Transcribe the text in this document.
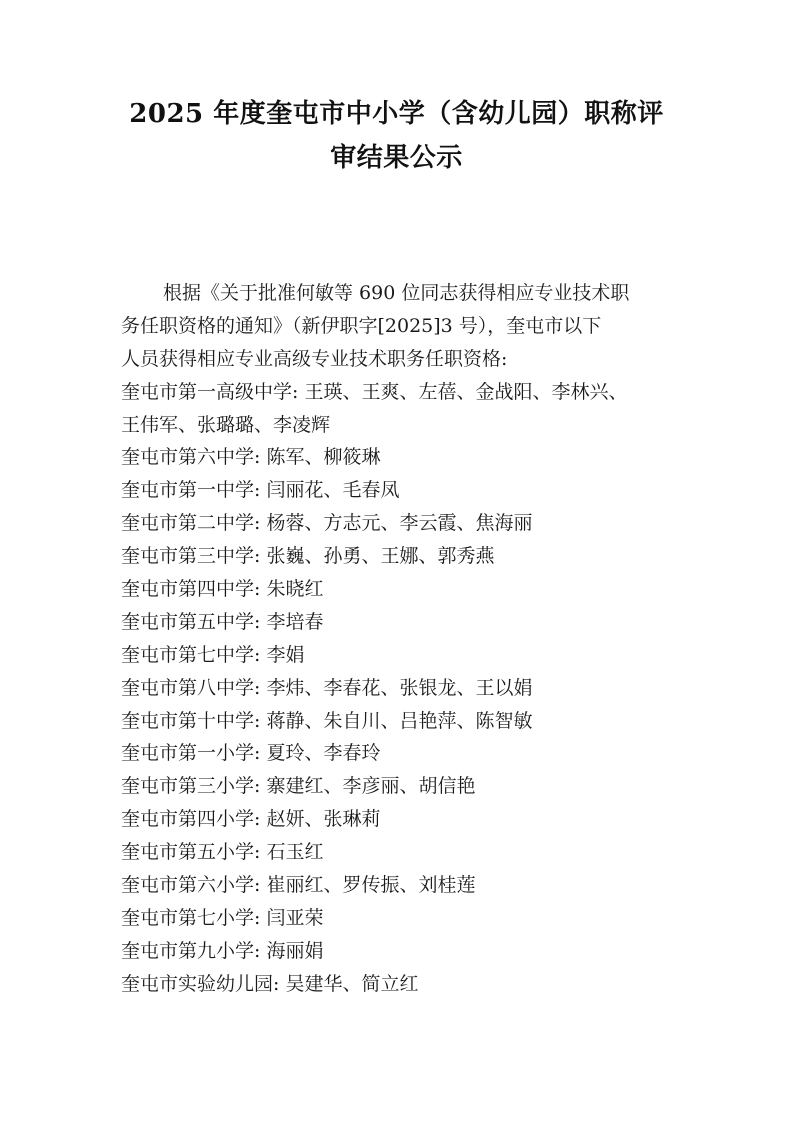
2025 年度奎屯市中小学（含幼儿园）职称评
审结果公示
根据《关于批准何敏等 690 位同志获得相应专业技术职
务任职资格的通知》（新伊职字[2025]3 号），奎屯市以下
人员获得相应专业高级专业技术职务任职资格:
奎屯市第一高级中学: 王瑛、王爽、左蓓、金战阳、李林兴、
王伟军、张璐璐、李凌辉
奎屯市第六中学: 陈军、柳筱琳
奎屯市第一中学: 闫丽花、毛春凤
奎屯市第二中学: 杨蓉、方志元、李云霞、焦海丽
奎屯市第三中学: 张巍、孙勇、王娜、郭秀燕
奎屯市第四中学: 朱晓红
奎屯市第五中学: 李培春
奎屯市第七中学: 李娟
奎屯市第八中学: 李炜、李春花、张银龙、王以娟
奎屯市第十中学: 蒋静、朱自川、吕艳萍、陈智敏
奎屯市第一小学: 夏玲、李春玲
奎屯市第三小学: 寨建红、李彦丽、胡信艳
奎屯市第四小学: 赵妍、张琳莉
奎屯市第五小学: 石玉红
奎屯市第六小学: 崔丽红、罗传振、刘桂莲
奎屯市第七小学: 闫亚荣
奎屯市第九小学: 海丽娟
奎屯市实验幼儿园: 吴建华、简立红
